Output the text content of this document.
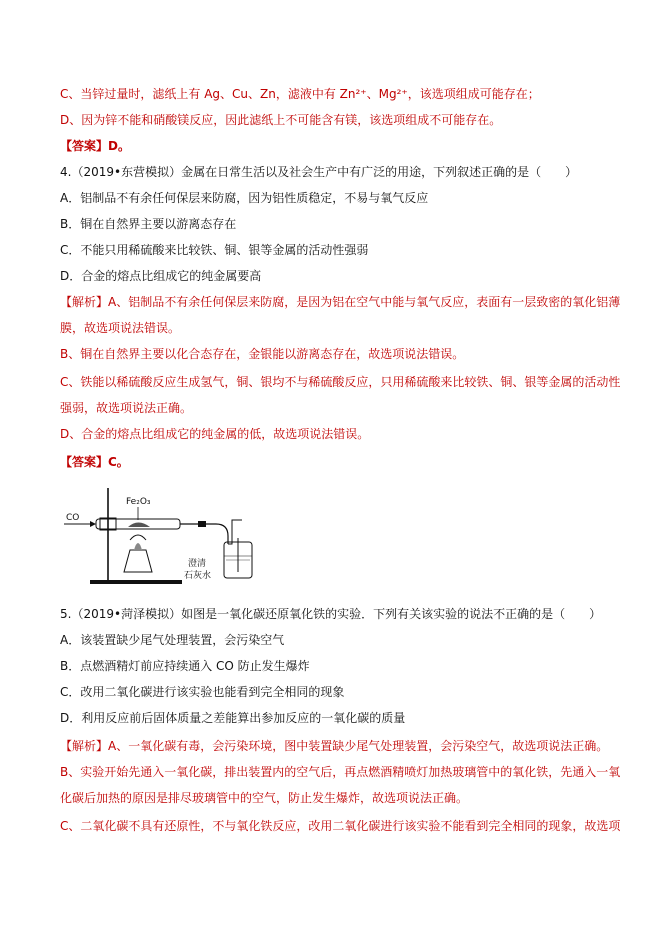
C、当锌过量时，滤纸上有 Ag、Cu、Zn，滤液中有 Zn²⁺、Mg²⁺，该选项组成可能存在；
D、因为锌不能和硝酸镁反应，因此滤纸上不可能含有镁，该选项组成不可能存在。
【答案】D。
4.（2019•东营模拟）金属在日常生活以及社会生产中有广泛的用途，下列叙述正确的是（　　）
A．铝制品不有余任何保层来防腐，因为铝性质稳定，不易与氧气反应
B．铜在自然界主要以游离态存在
C．不能只用稀硫酸来比较铁、铜、银等金属的活动性强弱
D．合金的熔点比组成它的纯金属要高
【解析】A、铝制品不有余任何保层来防腐，是因为铝在空气中能与氧气反应，表面有一层致密的氧化铝薄
膜，故选项说法错误。
B、铜在自然界主要以化合态存在，金银能以游离态存在，故选项说法错误。
C、铁能以稀硫酸反应生成氢气，铜、银均不与稀硫酸反应，只用稀硫酸来比较铁、铜、银等金属的活动性
强弱，故选项说法正确。
D、合金的熔点比组成它的纯金属的低，故选项说法错误。
【答案】C。
CO
Fe₂O₃
澄清
石灰水
5.（2019•菏泽模拟）如图是一氧化碳还原氧化铁的实验．下列有关该实验的说法不正确的是（　　）
A．该装置缺少尾气处理装置，会污染空气
B．点燃酒精灯前应持续通入 CO 防止发生爆炸
C．改用二氧化碳进行该实验也能看到完全相同的现象
D．利用反应前后固体质量之差能算出参加反应的一氧化碳的质量
【解析】A、一氧化碳有毒，会污染环境，图中装置缺少尾气处理装置，会污染空气，故选项说法正确。
B、实验开始先通入一氧化碳，排出装置内的空气后，再点燃酒精喷灯加热玻璃管中的氧化铁，先通入一氧
化碳后加热的原因是排尽玻璃管中的空气，防止发生爆炸，故选项说法正确。
C、二氧化碳不具有还原性，不与氧化铁反应，改用二氧化碳进行该实验不能看到完全相同的现象，故选项
